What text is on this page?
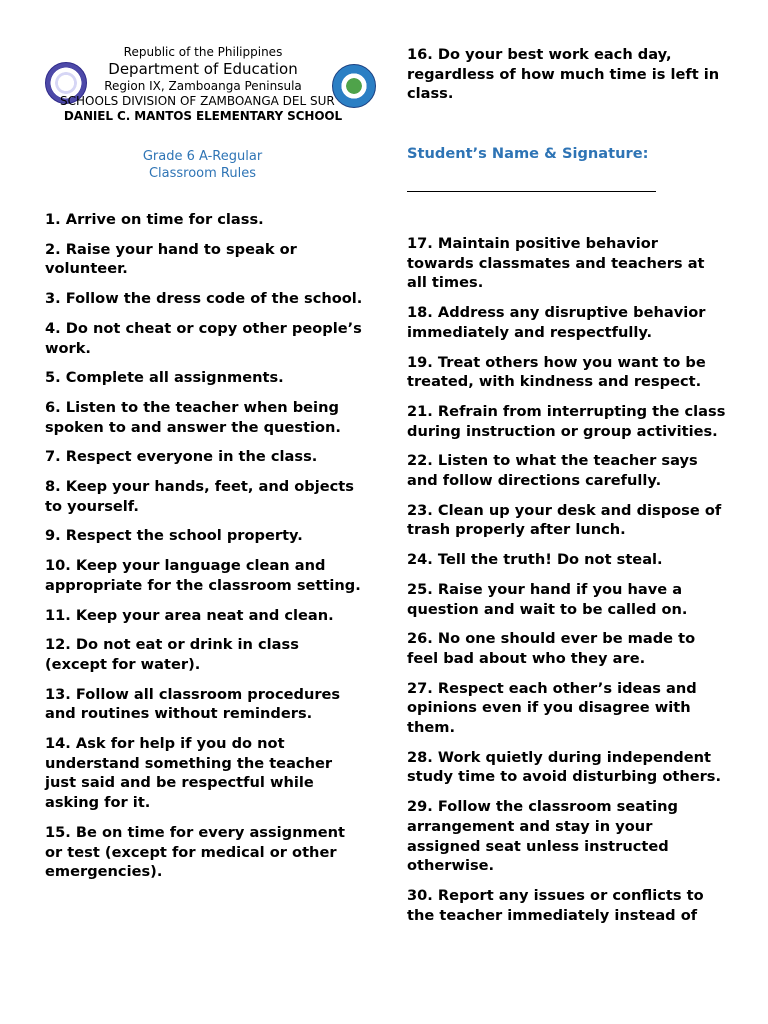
Republic of the Philippines
Department of Education
Region IX, Zamboanga Peninsula
SCHOOLS DIVISION OF ZAMBOANGA DEL SUR
DANIEL C. MANTOS ELEMENTARY SCHOOL
Grade 6 A-Regular
Classroom Rules
1. Arrive on time for class.
2. Raise your hand to speak or volunteer.
3. Follow the dress code of the school.
4. Do not cheat or copy other people’s work.
5. Complete all assignments.
6. Listen to the teacher when being spoken to and answer the question.
7. Respect everyone in the class.
8. Keep your hands, feet, and objects to yourself.
9. Respect the school property.
10. Keep your language clean and appropriate for the classroom setting.
11. Keep your area neat and clean.
12. Do not eat or drink in class (except for water).
13. Follow all classroom procedures and routines without reminders.
14. Ask for help if you do not understand something the teacher just said and be respectful while asking for it.
15. Be on time for every assignment or test (except for medical or other emergencies).
16. Do your best work each day, regardless of how much time is left in class.
Student’s Name & Signature:
17. Maintain positive behavior towards classmates and teachers at all times.
18. Address any disruptive behavior immediately and respectfully.
19. Treat others how you want to be treated, with kindness and respect.
21. Refrain from interrupting the class during instruction or group activities.
22. Listen to what the teacher says and follow directions carefully.
23. Clean up your desk and dispose of trash properly after lunch.
24. Tell the truth! Do not steal.
25. Raise your hand if you have a question and wait to be called on.
26. No one should ever be made to feel bad about who they are.
27. Respect each other’s ideas and opinions even if you disagree with them.
28. Work quietly during independent study time to avoid disturbing others.
29. Follow the classroom seating arrangement and stay in your assigned seat unless instructed otherwise.
30. Report any issues or conflicts to the teacher immediately instead of
